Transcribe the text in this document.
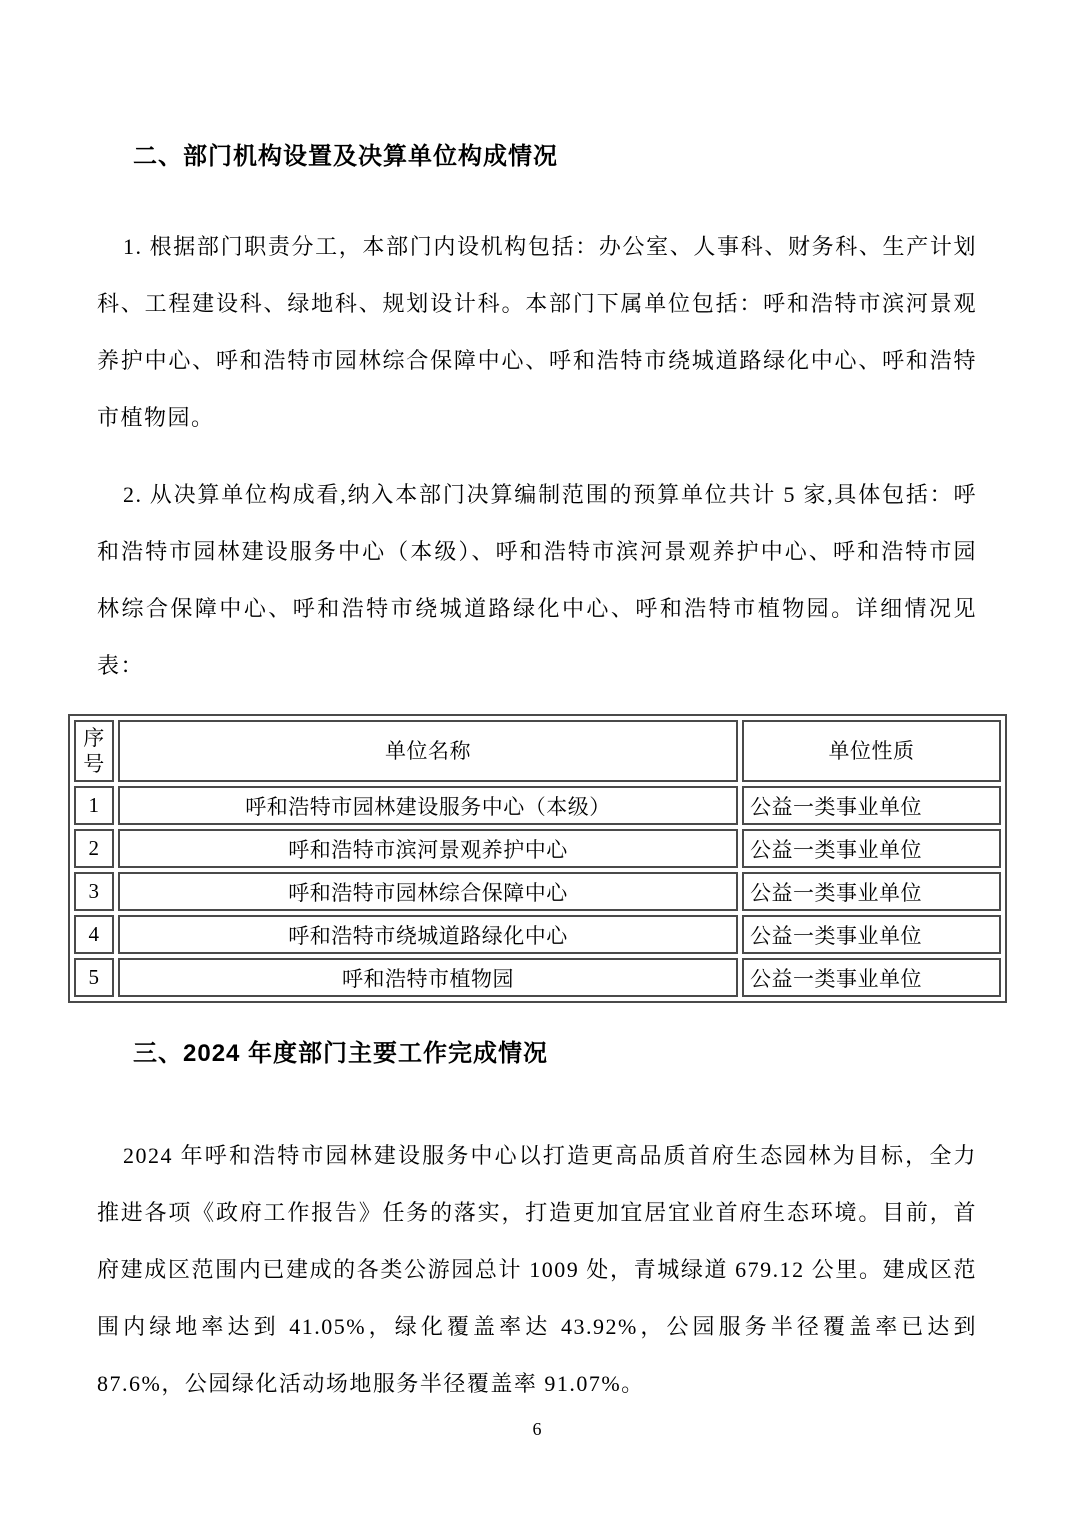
二、部门机构设置及决算单位构成情况

1. 根据部门职责分工，本部门内设机构包括：办公室、人事科、财务科、生产计划科、工程建设科、绿地科、规划设计科。本部门下属单位包括：呼和浩特市滨河景观养护中心、呼和浩特市园林综合保障中心、呼和浩特市绕城道路绿化中心、呼和浩特市植物园。

2. 从决算单位构成看,纳入本部门决算编制范围的预算单位共计 5 家,具体包括：呼和浩特市园林建设服务中心（本级）、呼和浩特市滨河景观养护中心、呼和浩特市园林综合保障中心、呼和浩特市绕城道路绿化中心、呼和浩特市植物园。详细情况见表：

序号	单位名称	单位性质
1	呼和浩特市园林建设服务中心（本级）	公益一类事业单位
2	呼和浩特市滨河景观养护中心	公益一类事业单位
3	呼和浩特市园林综合保障中心	公益一类事业单位
4	呼和浩特市绕城道路绿化中心	公益一类事业单位
5	呼和浩特市植物园	公益一类事业单位
三、2024 年度部门主要工作完成情况

2024 年呼和浩特市园林建设服务中心以打造更高品质首府生态园林为目标，全力推进各项《政府工作报告》任务的落实，打造更加宜居宜业首府生态环境。目前，首府建成区范围内已建成的各类公游园总计 1009 处，青城绿道 679.12 公里。建成区范围内绿地率达到 41.05%，绿化覆盖率达 43.92%，公园服务半径覆盖率已达到 87.6%，公园绿化活动场地服务半径覆盖率 91.07%。

6
